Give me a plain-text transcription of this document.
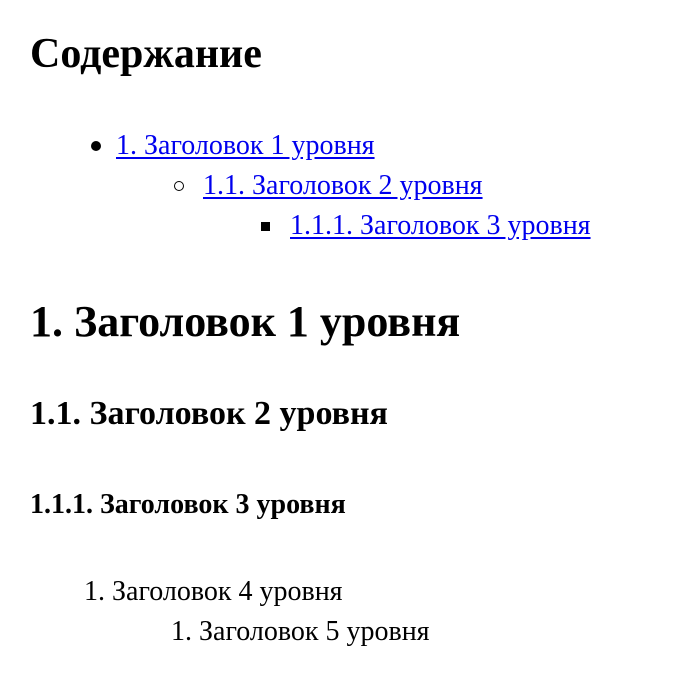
Содержание
1. Заголовок 1 уровня
1.1. Заголовок 2 уровня
1.1.1. Заголовок 3 уровня
1. Заголовок 1 уровня
1.1. Заголовок 2 уровня
1.1.1. Заголовок 3 уровня
1. Заголовок 4 уровня
1. Заголовок 5 уровня
